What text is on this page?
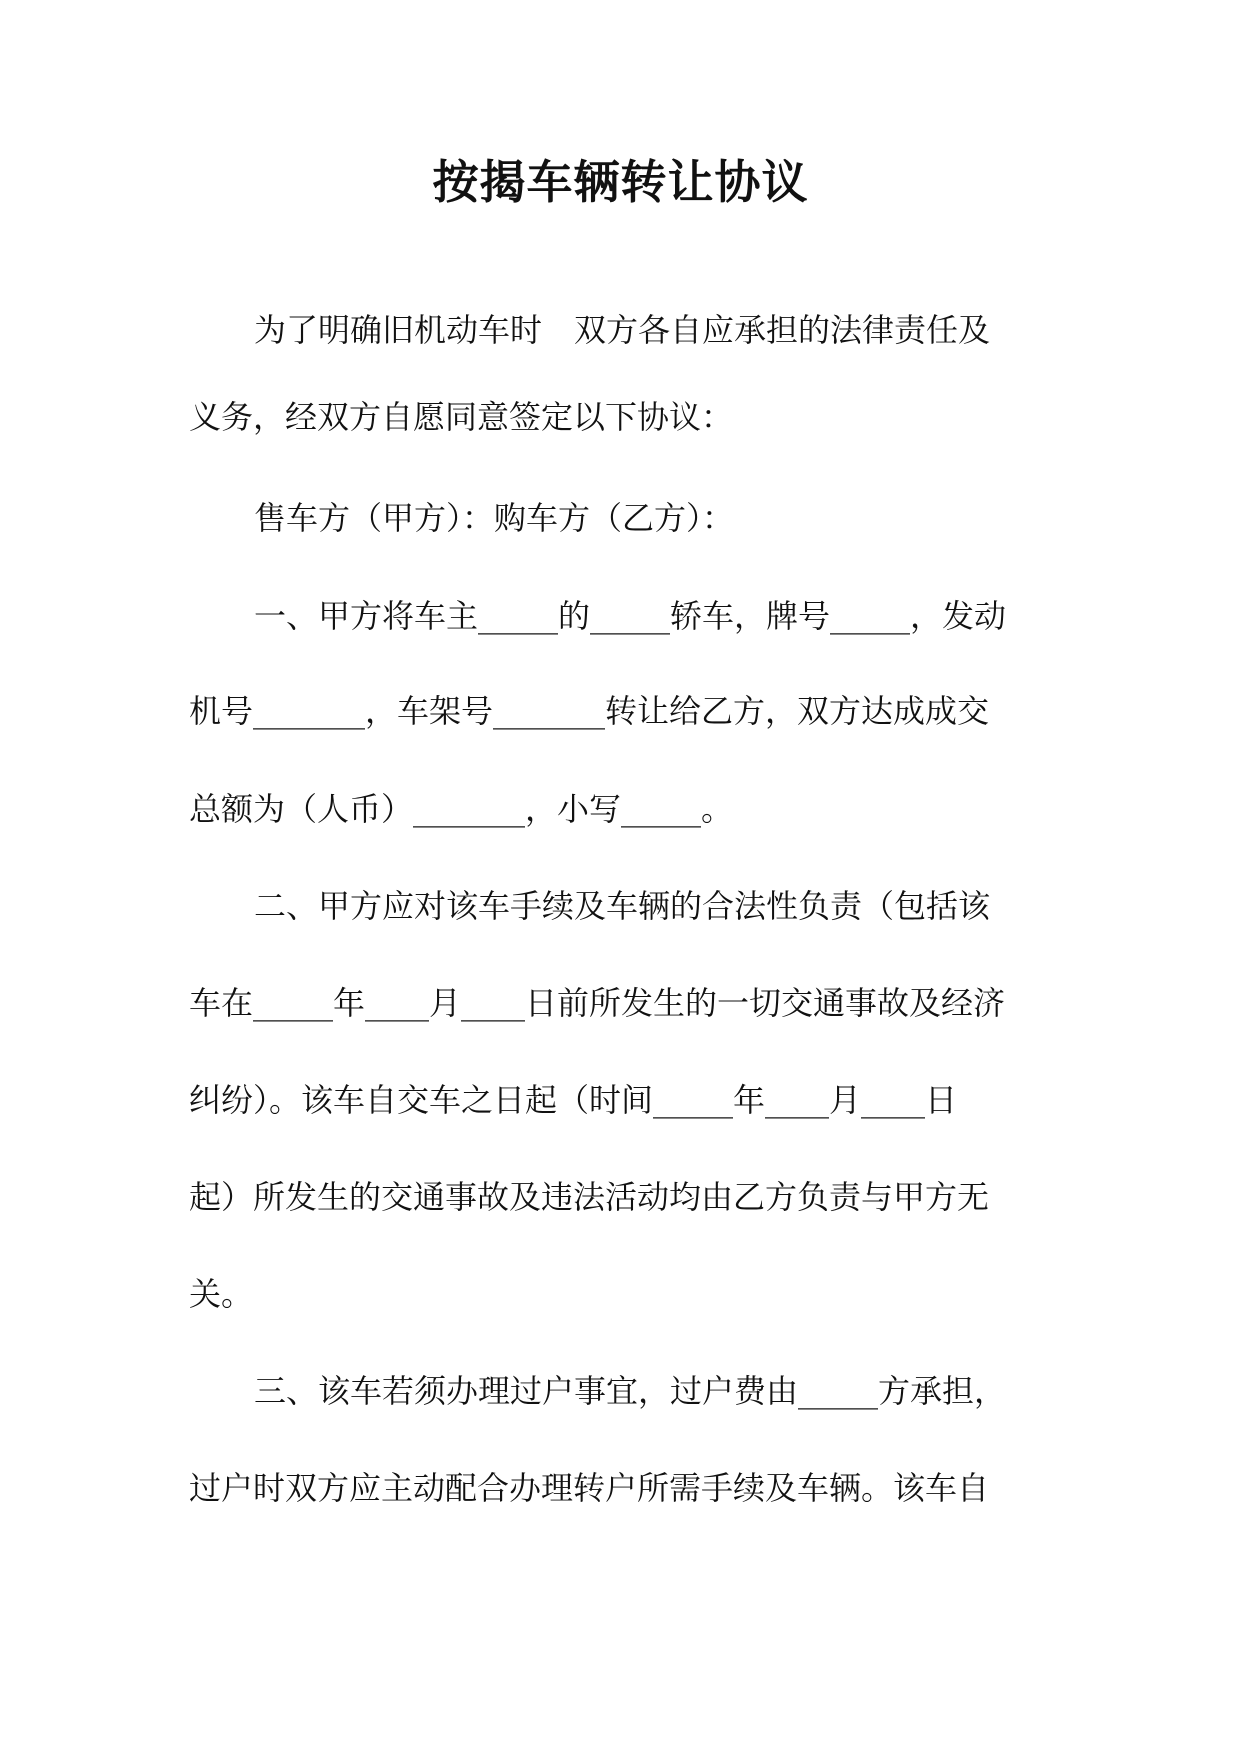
按揭车辆转让协议
为了明确旧机动车时　双方各自应承担的法律责任及
义务，经双方自愿同意签定以下协议：
售车方（甲方）：购车方（乙方）：
一、甲方将车主_____的_____轿车，牌号_____，发动
机号_______，车架号_______转让给乙方，双方达成成交
总额为（人币）_______，小写_____。
二、甲方应对该车手续及车辆的合法性负责（包括该
车在_____年____月____日前所发生的一切交通事故及经济
纠纷）。该车自交车之日起（时间_____年____月____日
起）所发生的交通事故及违法活动均由乙方负责与甲方无
关。
三、该车若须办理过户事宜，过户费由_____方承担，
过户时双方应主动配合办理转户所需手续及车辆。该车自
